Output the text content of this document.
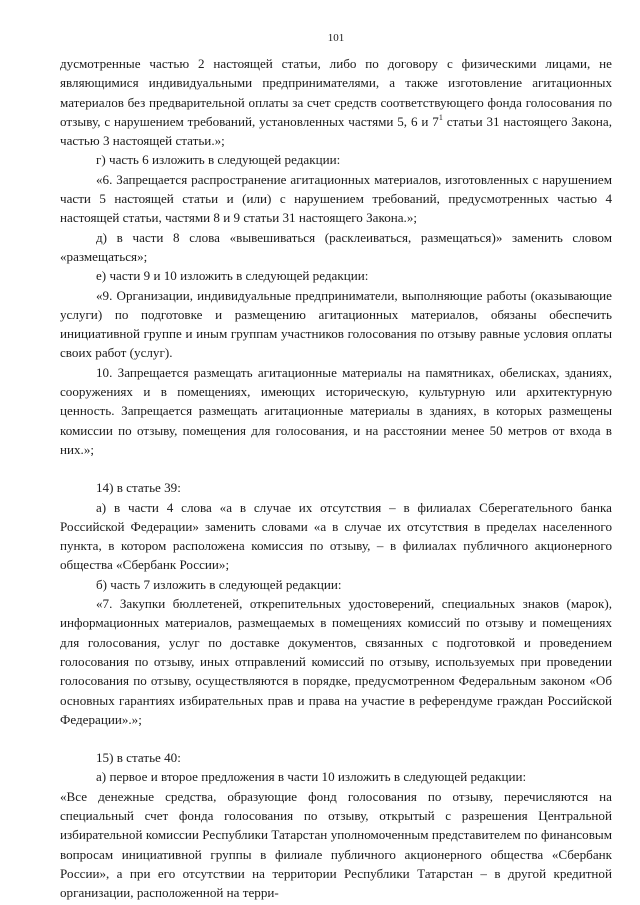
101

дусмотренные частью 2 настоящей статьи, либо по договору с физическими лицами, не являющимися индивидуальными предпринимателями, а также изготовление агитационных материалов без предварительной оплаты за счет средств соответствующего фонда голосования по отзыву, с нарушением требований, установленных частями 5, 6 и $7^1$ статьи 31 настоящего Закона, частью 3 настоящей статьи.»;

г) часть 6 изложить в следующей редакции:

«6. Запрещается распространение агитационных материалов, изготовленных с нарушением части 5 настоящей статьи и (или) с нарушением требований, предусмотренных частью 4 настоящей статьи, частями 8 и 9 статьи 31 настоящего Закона.»;

д) в части 8 слова «вывешиваться (расклеиваться, размещаться)» заменить словом «размещаться»;

е) части 9 и 10 изложить в следующей редакции:

«9. Организации, индивидуальные предприниматели, выполняющие работы (оказывающие услуги) по подготовке и размещению агитационных материалов, обязаны обеспечить инициативной группе и иным группам участников голосования по отзыву равные условия оплаты своих работ (услуг).

10. Запрещается размещать агитационные материалы на памятниках, обелисках, зданиях, сооружениях и в помещениях, имеющих историческую, культурную или архитектурную ценность. Запрещается размещать агитационные материалы в зданиях, в которых размещены комиссии по отзыву, помещения для голосования, и на расстоянии менее 50 метров от входа в них.»;

14) в статье 39:

а) в части 4 слова «а в случае их отсутствия – в филиалах Сберегательного банка Российской Федерации» заменить словами «а в случае их отсутствия в пределах населенного пункта, в котором расположена комиссия по отзыву, – в филиалах публичного акционерного общества «Сбербанк России»;

б) часть 7 изложить в следующей редакции:

«7. Закупки бюллетеней, открепительных удостоверений, специальных знаков (марок), информационных материалов, размещаемых в помещениях комиссий по отзыву и помещениях для голосования, услуг по доставке документов, связанных с подготовкой и проведением голосования по отзыву, иных отправлений комиссий по отзыву, используемых при проведении голосования по отзыву, осуществляются в порядке, предусмотренном Федеральным законом «Об основных гарантиях избирательных прав и права на участие в референдуме граждан Российской Федерации».»;

15) в статье 40:

а) первое и второе предложения в части 10 изложить в следующей редакции:

«Все денежные средства, образующие фонд голосования по отзыву, перечисляются на специальный счет фонда голосования по отзыву, открытый с разрешения Центральной избирательной комиссии Республики Татарстан уполномоченным представителем по финансовым вопросам инициативной группы в филиале публичного акционерного общества «Сбербанк России», а при его отсутствии на территории Республики Татарстан – в другой кредитной организации, расположенной на терри-
